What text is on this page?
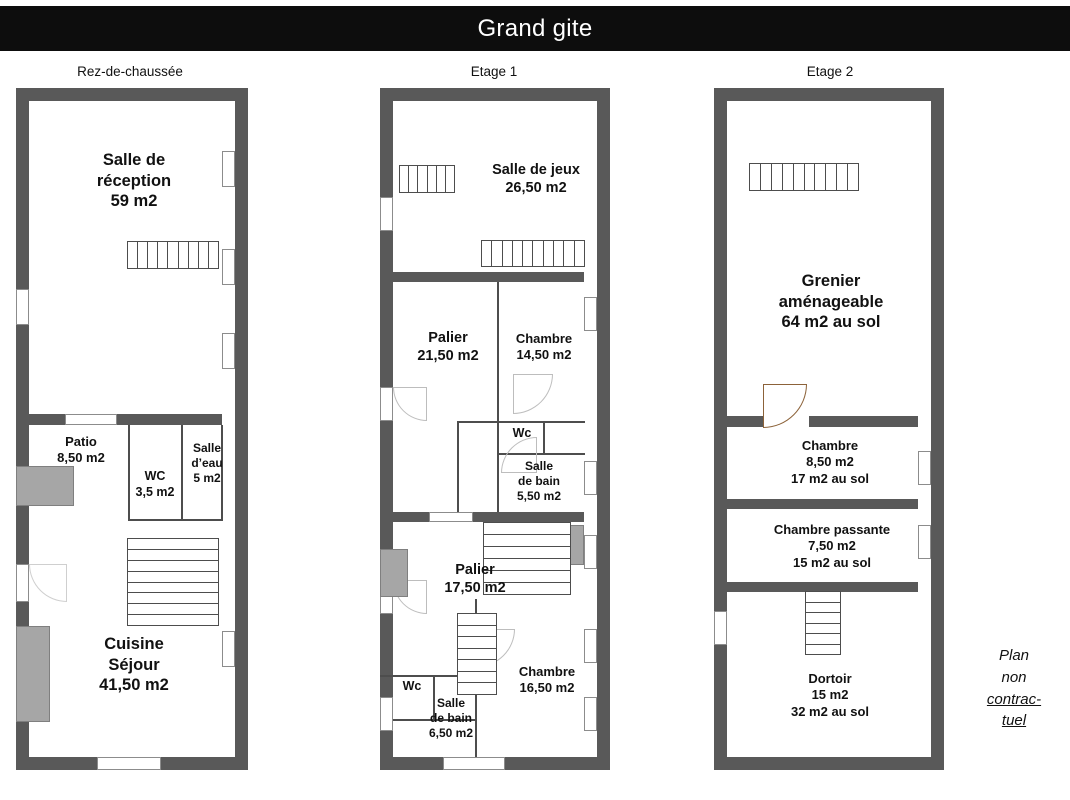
Grand gite
Rez-de-chaussée	Etage 1	Etage 2
Salle de
réception
59 m2
Patio
8,50 m2
WC
3,5 m2
Salle
d’eau
5 m2
Cuisine
Séjour
41,50 m2
Salle de jeux
26,50 m2
Palier
21,50 m2
Chambre
14,50 m2
Wc
Salle
de bain
5,50 m2
Palier
17,50 m2
Wc
Chambre
16,50 m2
Salle
de bain
6,50 m2
Grenier
aménageable
64 m2 au sol
Chambre
8,50 m2
17 m2 au sol
Chambre passante
7,50 m2
15 m2 au sol
Dortoir
15 m2
32 m2 au sol
Plan
non
contrac-
tuel
